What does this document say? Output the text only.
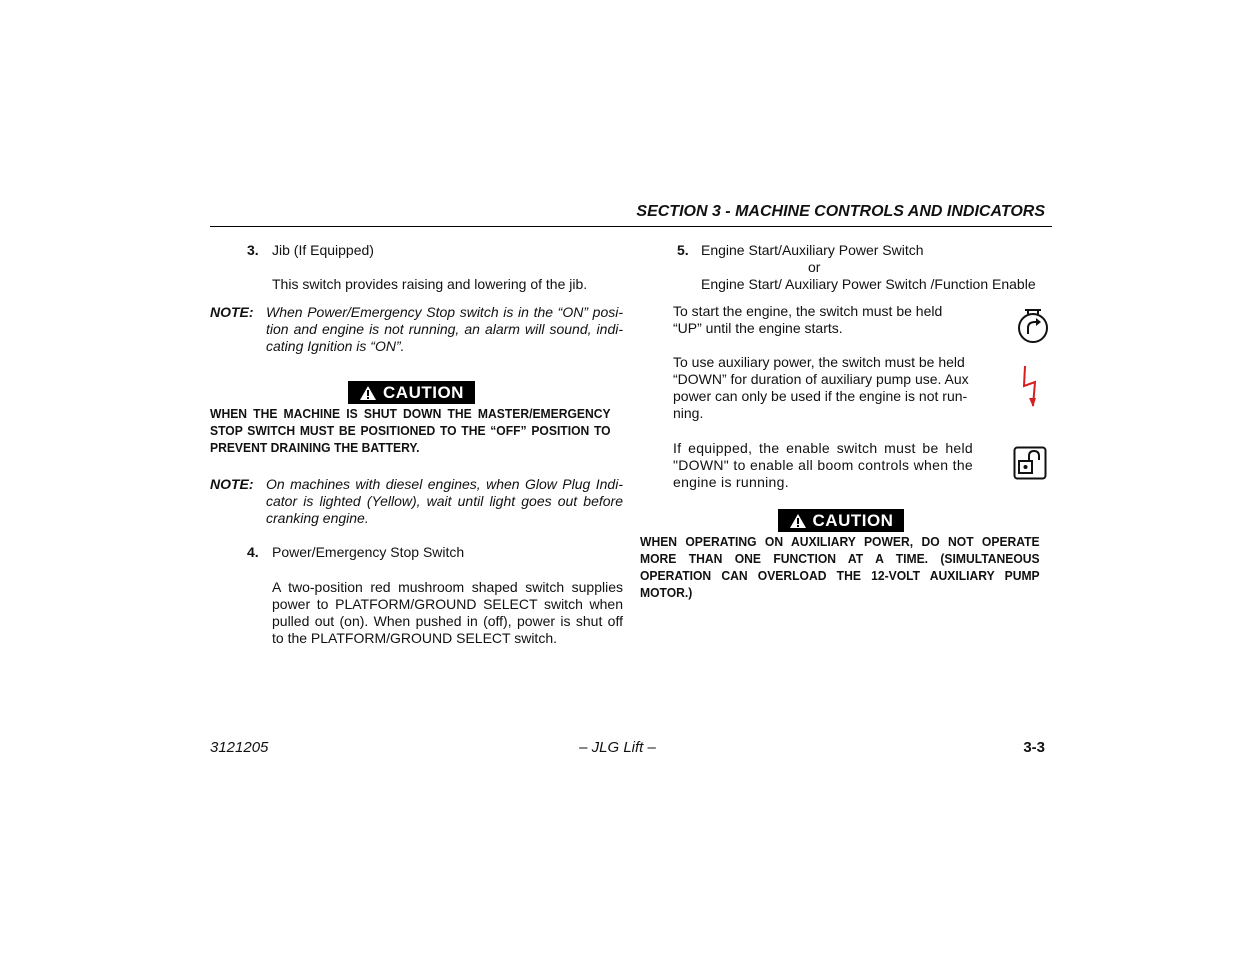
SECTION 3 - MACHINE CONTROLS AND INDICATORS
3. Jib (If Equipped)
This switch provides raising and lowering of the jib.
NOTE: When Power/Emergency Stop switch is in the “ON” posi- tion and engine is not running, an alarm will sound, indi- cating Ignition is “ON”.
CAUTION
WHEN THE MACHINE IS SHUT DOWN THE MASTER/EMERGENCY STOP SWITCH MUST BE POSITIONED TO THE “OFF” POSITION TO PREVENT DRAINING THE BATTERY.
NOTE: On machines with diesel engines, when Glow Plug Indi- cator is lighted (Yellow), wait until light goes out before cranking engine.
4. Power/Emergency Stop Switch
A two-position red mushroom shaped switch supplies power to PLATFORM/GROUND SELECT switch when pulled out (on). When pushed in (off), power is shut off to the PLATFORM/GROUND SELECT switch.
5. Engine Start/Auxiliary Power Switch
or
Engine Start/ Auxiliary Power Switch /Function Enable
To start the engine, the switch must be held “UP” until the engine starts.
To use auxiliary power, the switch must be held “DOWN” for duration of auxiliary pump use. Aux power can only be used if the engine is not run- ning.
If equipped, the enable switch must be held "DOWN" to enable all boom controls when the engine is running.
CAUTION
WHEN OPERATING ON AUXILIARY POWER, DO NOT OPERATE MORE THAN ONE FUNCTION AT A TIME. (SIMULTANEOUS OPERATION CAN OVERLOAD THE 12-VOLT AUXILIARY PUMP MOTOR.)
3121205	– JLG Lift –	3-3
